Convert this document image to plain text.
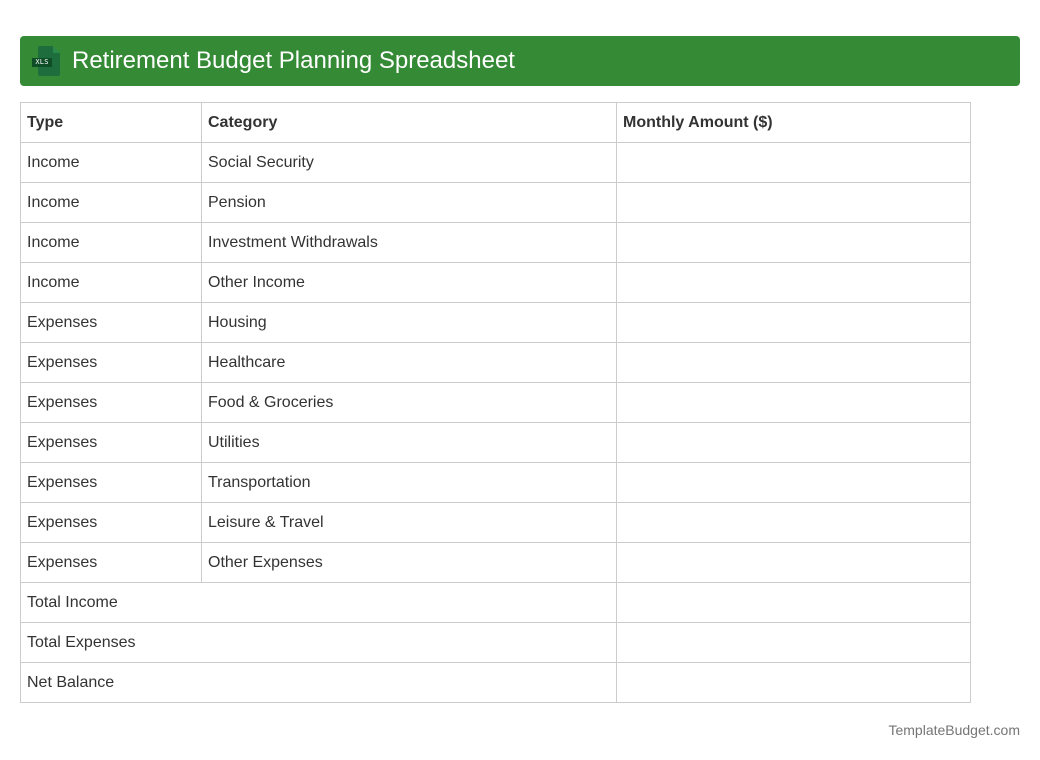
XLS Retirement Budget Planning Spreadsheet
Type	Category	Monthly Amount ($)
Income	Social Security	
Income	Pension	
Income	Investment Withdrawals	
Income	Other Income	
Expenses	Housing	
Expenses	Healthcare	
Expenses	Food & Groceries	
Expenses	Utilities	
Expenses	Transportation	
Expenses	Leisure & Travel	
Expenses	Other Expenses	
Total Income		
Total Expenses		
Net Balance		
TemplateBudget.com
